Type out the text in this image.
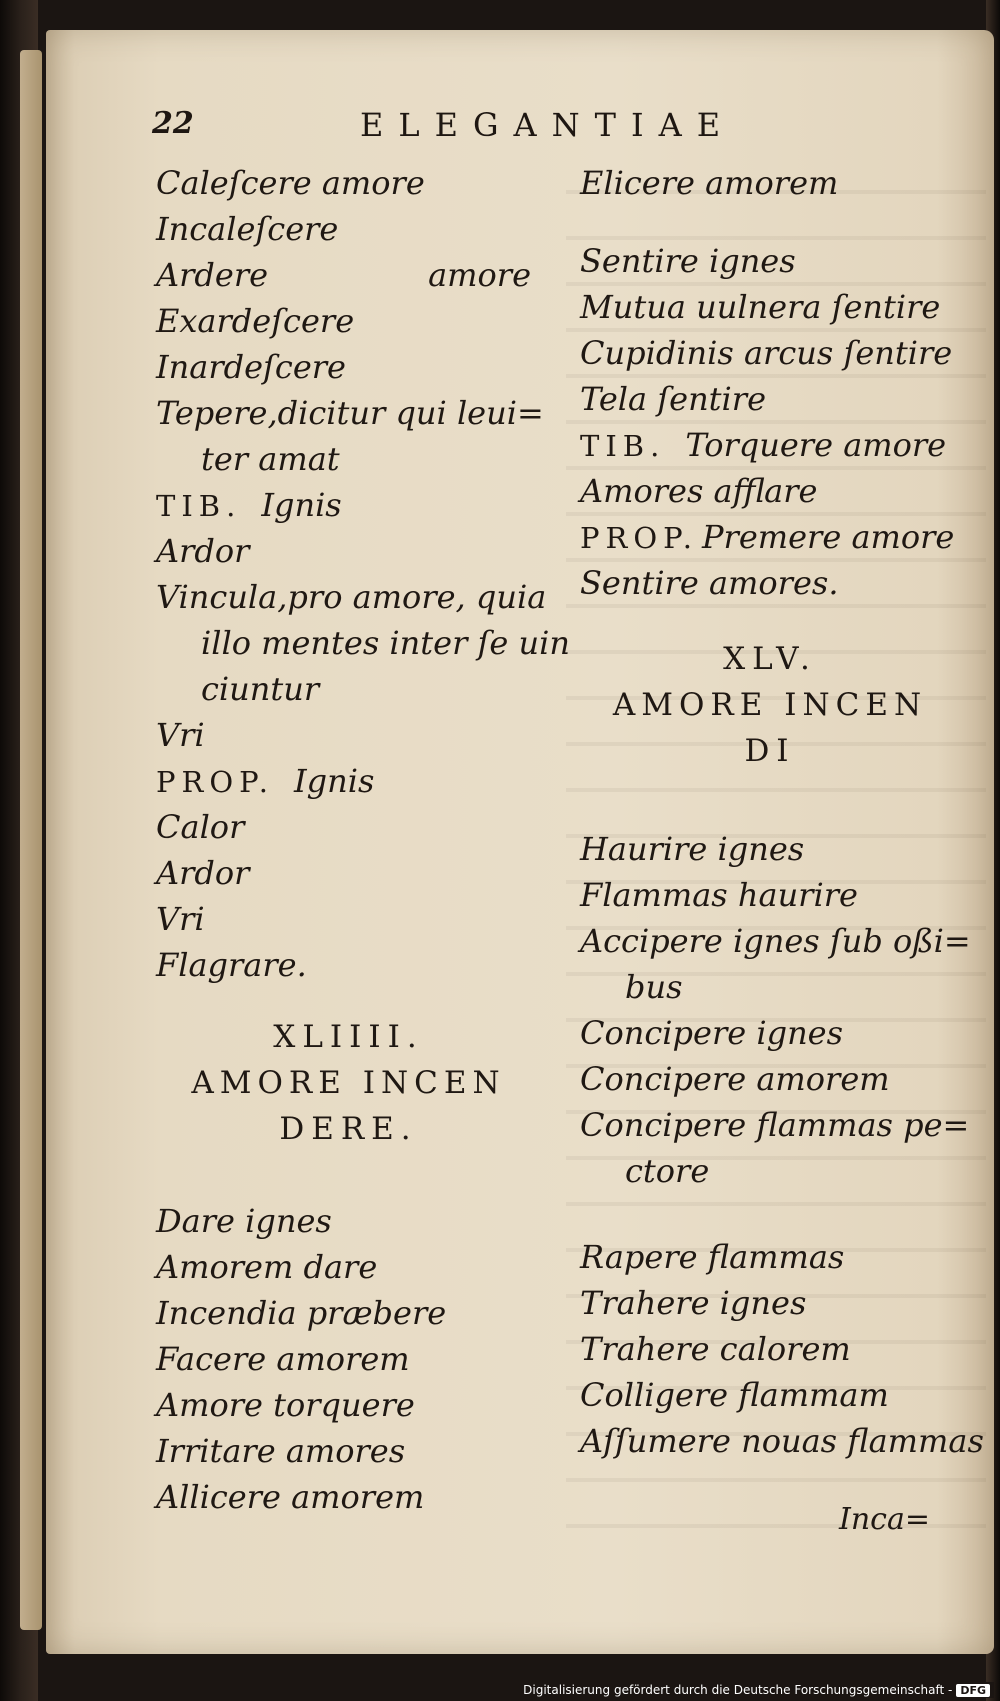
22	ELEGANTIAE
Caleſcere amore
Incaleſcere
Ardere	amore
Exardeſcere
Inardeſcere
Tepere,dicitur qui leui=
ter amat
TIB. Ignis
Ardor
Vincula,pro amore, quia
illo mentes inter ſe uin
ciuntur
Vri
PROP. Ignis
Calor
Ardor
Vri
Flagrare.
XLIIII.
AMORE INCEN
DERE.
Dare ignes
Amorem dare
Incendia præbere
Facere amorem
Amore torquere
Irritare amores
Allicere amorem
Elicere amorem
Sentire ignes
Mutua uulnera ſentire
Cupidinis arcus ſentire
Tela ſentire
TIB. Torquere amore
Amores afflare
PROP. Premere amore
Sentire amores.
XLV.
AMORE INCEN
DI
Haurire ignes
Flammas haurire
Accipere ignes ſub oßi=
bus
Concipere ignes
Concipere amorem
Concipere flammas pe=
ctore
Rapere flammas
Trahere ignes
Trahere calorem
Colligere flammam
Aſſumere nouas flammas
Inca=
Digitalisierung gefördert durch die Deutsche Forschungsgemeinschaft - DFG
